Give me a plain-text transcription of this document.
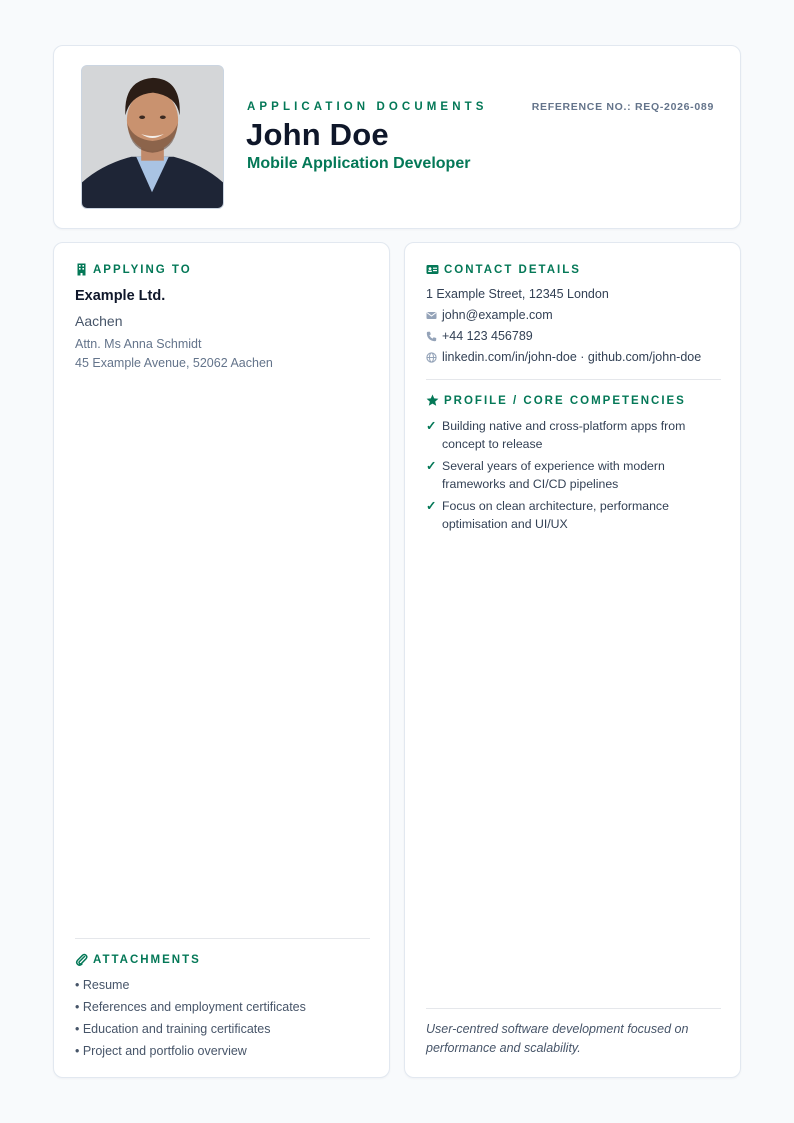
APPLICATION DOCUMENTS
John Doe
Mobile Application Developer
REFERENCE NO.: REQ-2026-089
APPLYING TO
Example Ltd.
Aachen
Attn. Ms Anna Schmidt
45 Example Avenue, 52062 Aachen
ATTACHMENTS
• Resume
• References and employment certificates
• Education and training certificates
• Project and portfolio overview
CONTACT DETAILS
1 Example Street, 12345 London
john@example.com
+44 123 456789
linkedin.com/in/john-doe · github.com/john-doe
PROFILE / CORE COMPETENCIES
✓ Building native and cross-platform apps from concept to release
✓ Several years of experience with modern frameworks and CI/CD pipelines
✓ Focus on clean architecture, performance optimisation and UI/UX
User-centred software development focused on performance and scalability.
